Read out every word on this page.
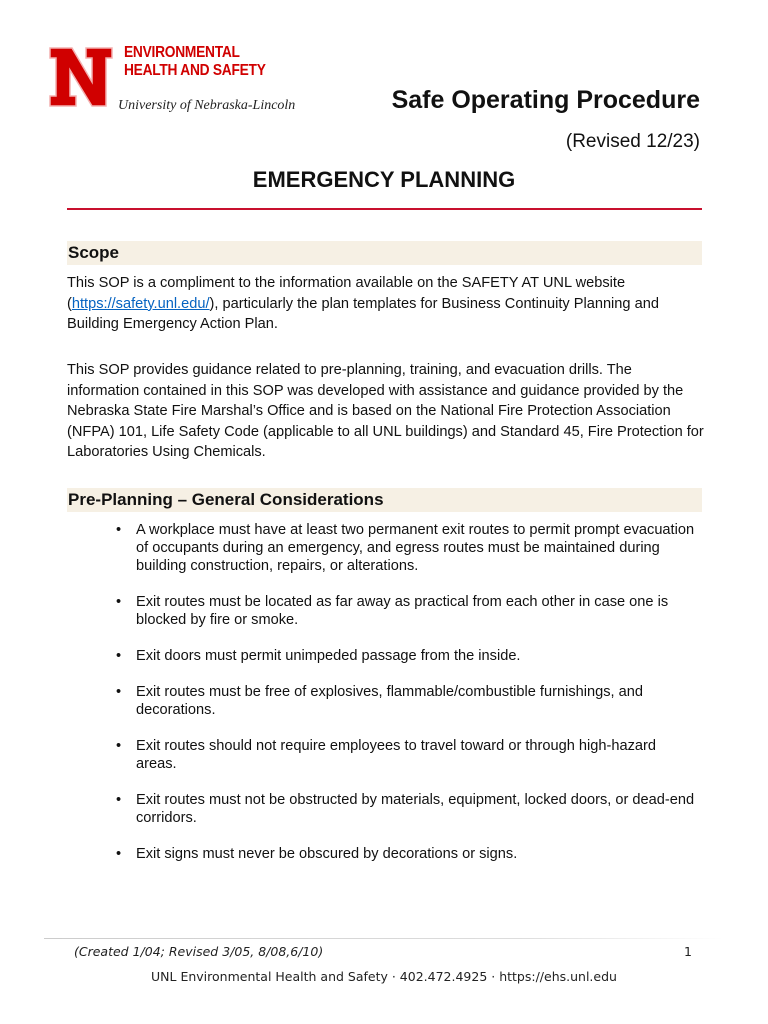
ENVIRONMENTAL
HEALTH AND SAFETY
University of Nebraska-Lincoln	Safe Operating Procedure
(Revised 12/23)
EMERGENCY PLANNING
Scope
This SOP is a compliment to the information available on the SAFETY AT UNL website (https://safety.unl.edu/), particularly the plan templates for Business Continuity Planning and Building Emergency Action Plan.
This SOP provides guidance related to pre-planning, training, and evacuation drills. The information contained in this SOP was developed with assistance and guidance provided by the Nebraska State Fire Marshal’s Office and is based on the National Fire Protection Association (NFPA) 101, Life Safety Code (applicable to all UNL buildings) and Standard 45, Fire Protection for Laboratories Using Chemicals.
Pre-Planning – General Considerations
• A workplace must have at least two permanent exit routes to permit prompt evacuation of occupants during an emergency, and egress routes must be maintained during building construction, repairs, or alterations.
• Exit routes must be located as far away as practical from each other in case one is blocked by fire or smoke.
• Exit doors must permit unimpeded passage from the inside.
• Exit routes must be free of explosives, flammable/combustible furnishings, and decorations.
• Exit routes should not require employees to travel toward or through high-hazard areas.
• Exit routes must not be obstructed by materials, equipment, locked doors, or dead-end corridors.
• Exit signs must never be obscured by decorations or signs.
(Created 1/04; Revised 3/05, 8/08,6/10)	1
UNL Environmental Health and Safety · 402.472.4925 · https://ehs.unl.edu
